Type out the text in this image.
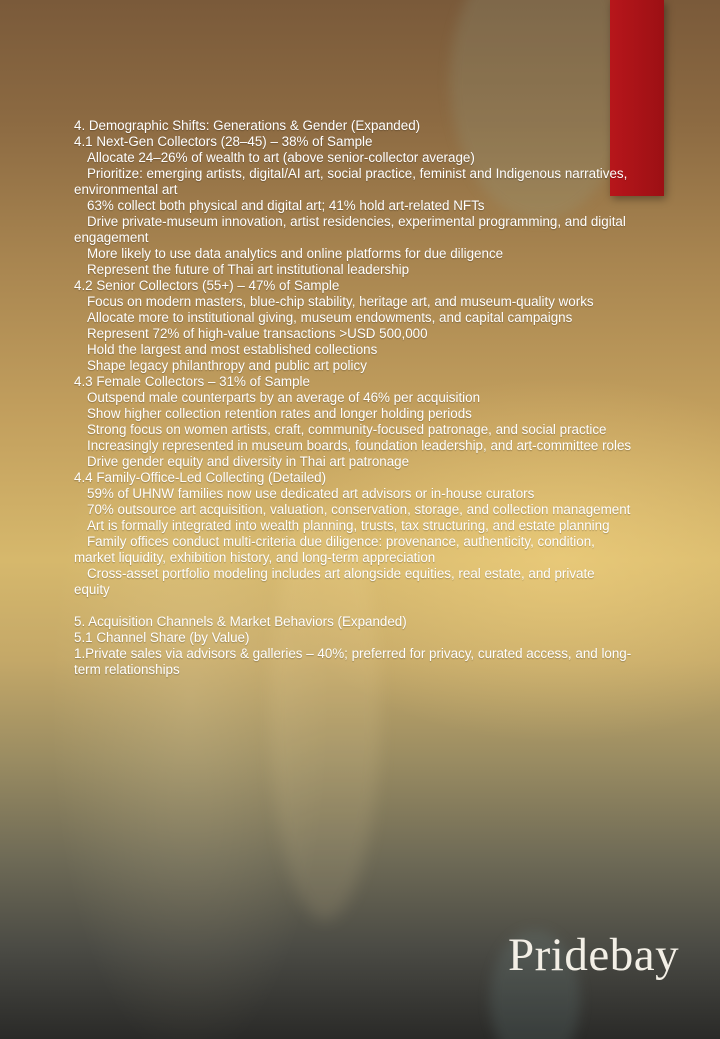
4. Demographic Shifts: Generations & Gender (Expanded)
4.1 Next-Gen Collectors (28–45) – 38% of Sample
Allocate 24–26% of wealth to art (above senior-collector average)
Prioritize: emerging artists, digital/AI art, social practice, feminist and Indigenous narratives, environmental art
63% collect both physical and digital art; 41% hold art-related NFTs
Drive private-museum innovation, artist residencies, experimental programming, and digital engagement
More likely to use data analytics and online platforms for due diligence
Represent the future of Thai art institutional leadership
4.2 Senior Collectors (55+) – 47% of Sample
Focus on modern masters, blue-chip stability, heritage art, and museum-quality works
Allocate more to institutional giving, museum endowments, and capital campaigns
Represent 72% of high-value transactions >USD 500,000
Hold the largest and most established collections
Shape legacy philanthropy and public art policy
4.3 Female Collectors – 31% of Sample
Outspend male counterparts by an average of 46% per acquisition
Show higher collection retention rates and longer holding periods
Strong focus on women artists, craft, community-focused patronage, and social practice
Increasingly represented in museum boards, foundation leadership, and art-committee roles
Drive gender equity and diversity in Thai art patronage
4.4 Family-Office-Led Collecting (Detailed)
59% of UHNW families now use dedicated art advisors or in-house curators
70% outsource art acquisition, valuation, conservation, storage, and collection management
Art is formally integrated into wealth planning, trusts, tax structuring, and estate planning
Family offices conduct multi-criteria due diligence: provenance, authenticity, condition, market liquidity, exhibition history, and long-term appreciation
Cross-asset portfolio modeling includes art alongside equities, real estate, and private equity
5. Acquisition Channels & Market Behaviors (Expanded)
5.1 Channel Share (by Value)
1.Private sales via advisors & galleries – 40%; preferred for privacy, curated access, and long-term relationships
Pridebay
